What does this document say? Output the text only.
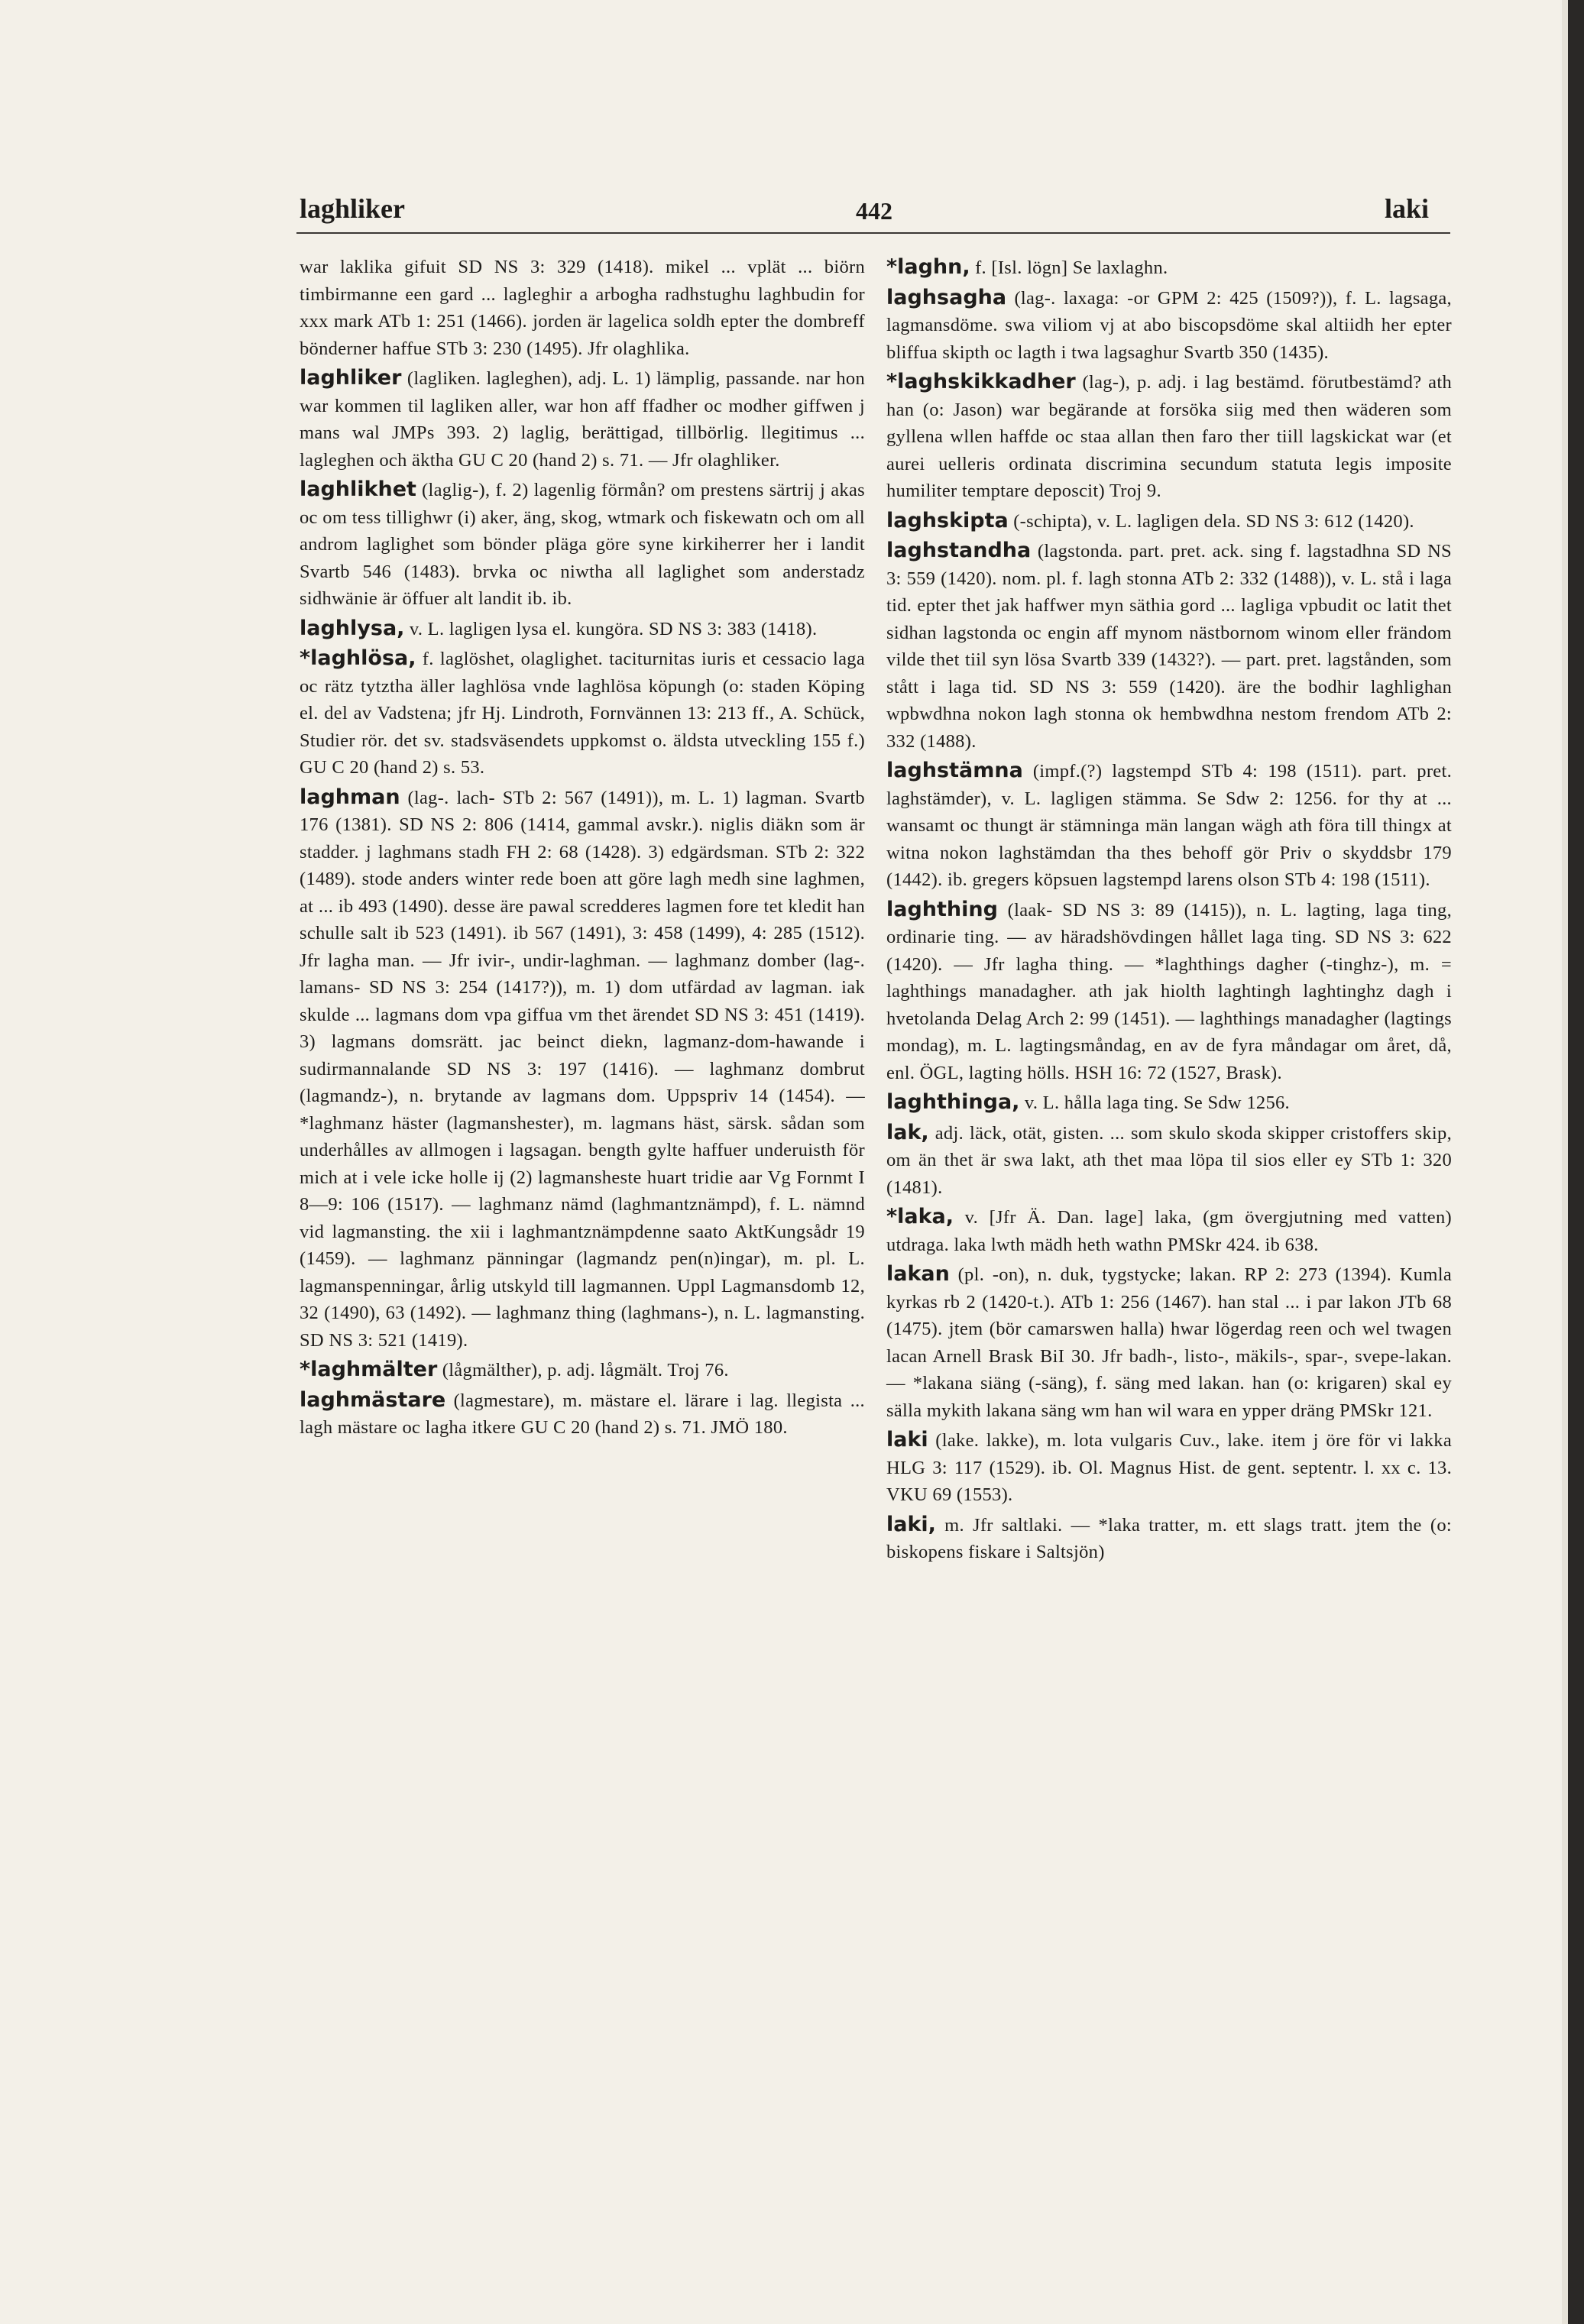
laghliker	442	laki

war laklika gifuit SD NS 3: 329 (1418). mikel ... vplät ... biörn timbirmanne een gard ... lagleghir a arbogha radhstughu laghbudin for xxx mark ATb 1: 251 (1466). jorden är lagelica soldh epter the dombreff bönderner haffue STb 3: 230 (1495). Jfr olaghlika.

laghliker (lagliken. lagleghen), adj. L. 1) lämplig, passande. nar hon war kommen til lagliken aller, war hon aff ffadher oc modher giffwen j mans wal JMPs 393. 2) laglig, berättigad, tillbörlig. llegitimus ... lagleghen och äktha GU C 20 (hand 2) s. 71. — Jfr olaghliker.

laghlikhet (laglig-), f. 2) lagenlig förmån? om prestens särtrij j akas oc om tess tillighwr (i) aker, äng, skog, wtmark och fiskewatn och om all androm laglighet som bönder pläga göre syne kirkiherrer her i landit Svartb 546 (1483). brvka oc niwtha all laglighet som anderstadz sidhwänie är öffuer alt landit ib. ib.

laghlysa, v. L. lagligen lysa el. kungöra. SD NS 3: 383 (1418).

*laghlösa, f. laglöshet, olaglighet. taciturnitas iuris et cessacio laga oc rätz tytztha äller laghlösa vnde laghlösa köpungh (o: staden Köping el. del av Vadstena; jfr Hj. Lindroth, Fornvännen 13: 213 ff., A. Schück, Studier rör. det sv. stadsväsendets uppkomst o. äldsta utveckling 155 f.) GU C 20 (hand 2) s. 53.

laghman (lag-. lach- STb 2: 567 (1491)), m. L. 1) lagman. Svartb 176 (1381). SD NS 2: 806 (1414, gammal avskr.). niglis diäkn som är stadder. j laghmans stadh FH 2: 68 (1428). 3) edgärdsman. STb 2: 322 (1489). stode anders winter rede boen att göre lagh medh sine laghmen, at ... ib 493 (1490). desse äre pawal scredderes lagmen fore tet kledit han schulle salt ib 523 (1491). ib 567 (1491), 3: 458 (1499), 4: 285 (1512). Jfr lagha man. — Jfr ivir-, undir-laghman. — laghmanz domber (lag-. lamans- SD NS 3: 254 (1417?)), m. 1) dom utfärdad av lagman. iak skulde ... lagmans dom vpa giffua vm thet ärendet SD NS 3: 451 (1419). 3) lagmans domsrätt. jac beinct diekn, lagmanz-dom-hawande i sudirmannalande SD NS 3: 197 (1416). — laghmanz dombrut (lagmandz-), n. brytande av lagmans dom. Uppspriv 14 (1454). — *laghmanz häster (lagmanshester), m. lagmans häst, särsk. sådan som underhålles av allmogen i lagsagan. bength gylte haffuer underuisth för mich at i vele icke holle ij (2) lagmansheste huart tridie aar Vg Fornmt I 8—9: 106 (1517). — laghmanz nämd (laghmantznämpd), f. L. nämnd vid lagmansting. the xii i laghmantznämpdenne saato AktKungsådr 19 (1459). — laghmanz pänningar (lagmandz pen(n)ingar), m. pl. L. lagmanspenningar, årlig utskyld till lagmannen. Uppl Lagmansdomb 12, 32 (1490), 63 (1492). — laghmanz thing (laghmans-), n. L. lagmansting. SD NS 3: 521 (1419).

*laghmälter (lågmälther), p. adj. lågmält. Troj 76.

laghmästare (lagmestare), m. mästare el. lärare i lag. llegista ... lagh mästare oc lagha itkere GU C 20 (hand 2) s. 71. JMÖ 180.

*laghn, f. [Isl. lögn] Se laxlaghn.

laghsagha (lag-. laxaga: -or GPM 2: 425 (1509?)), f. L. lagsaga, lagmansdöme. swa viliom vj at abo biscopsdöme skal altiidh her epter bliffua skipth oc lagth i twa lagsaghur Svartb 350 (1435).

*laghskikkadher (lag-), p. adj. i lag bestämd. förutbestämd? ath han (o: Jason) war begärande at forsöka siig med then wäderen som gyllena wllen haffde oc staa allan then faro ther tiill lagskickat war (et aurei uelleris ordinata discrimina secundum statuta legis imposite humiliter temptare deposcit) Troj 9.

laghskipta (-schipta), v. L. lagligen dela. SD NS 3: 612 (1420).

laghstandha (lagstonda. part. pret. ack. sing f. lagstadhna SD NS 3: 559 (1420). nom. pl. f. lagh stonna ATb 2: 332 (1488)), v. L. stå i laga tid. epter thet jak haffwer myn säthia gord ... lagliga vpbudit oc latit thet sidhan lagstonda oc engin aff mynom nästbornom winom eller frändom vilde thet tiil syn lösa Svartb 339 (1432?). — part. pret. lagstånden, som stått i laga tid. SD NS 3: 559 (1420). äre the bodhir laghlighan wpbwdhna nokon lagh stonna ok hembwdhna nestom frendom ATb 2: 332 (1488).

laghstämna (impf.(?) lagstempd STb 4: 198 (1511). part. pret. laghstämder), v. L. lagligen stämma. Se Sdw 2: 1256. for thy at ... wansamt oc thungt är stämninga män langan wägh ath föra till thingx at witna nokon laghstämdan tha thes behoff gör Priv o skyddsbr 179 (1442). ib. gregers köpsuen lagstempd larens olson STb 4: 198 (1511).

laghthing (laak- SD NS 3: 89 (1415)), n. L. lagting, laga ting, ordinarie ting. — av häradshövdingen hållet laga ting. SD NS 3: 622 (1420). — Jfr lagha thing. — *laghthings dagher (-tinghz-), m. = laghthings manadagher. ath jak hiolth laghtingh laghtinghz dagh i hvetolanda Delag Arch 2: 99 (1451). — laghthings manadagher (lagtings mondag), m. L. lagtingsmåndag, en av de fyra måndagar om året, då, enl. ÖGL, lagting hölls. HSH 16: 72 (1527, Brask).

laghthinga, v. L. hålla laga ting. Se Sdw 1256.

lak, adj. läck, otät, gisten. ... som skulo skoda skipper cristoffers skip, om än thet är swa lakt, ath thet maa löpa til sios eller ey STb 1: 320 (1481).

*laka, v. [Jfr Ä. Dan. lage] laka, (gm övergjutning med vatten) utdraga. laka lwth mädh heth wathn PMSkr 424. ib 638.

lakan (pl. -on), n. duk, tygstycke; lakan. RP 2: 273 (1394). Kumla kyrkas rb 2 (1420-t.). ATb 1: 256 (1467). han stal ... i par lakon JTb 68 (1475). jtem (bör camarswen halla) hwar lögerdag reen och wel twagen lacan Arnell Brask BiI 30. Jfr badh-, listo-, mäkils-, spar-, svepe-lakan. — *lakana siäng (-säng), f. säng med lakan. han (o: krigaren) skal ey sälla mykith lakana säng wm han wil wara en ypper dräng PMSkr 121.

laki (lake. lakke), m. lota vulgaris Cuv., lake. item j öre för vi lakka HLG 3: 117 (1529). ib. Ol. Magnus Hist. de gent. septentr. l. xx c. 13. VKU 69 (1553).

laki, m. Jfr saltlaki. — *laka tratter, m. ett slags tratt. jtem the (o: biskopens fiskare i Saltsjön)
